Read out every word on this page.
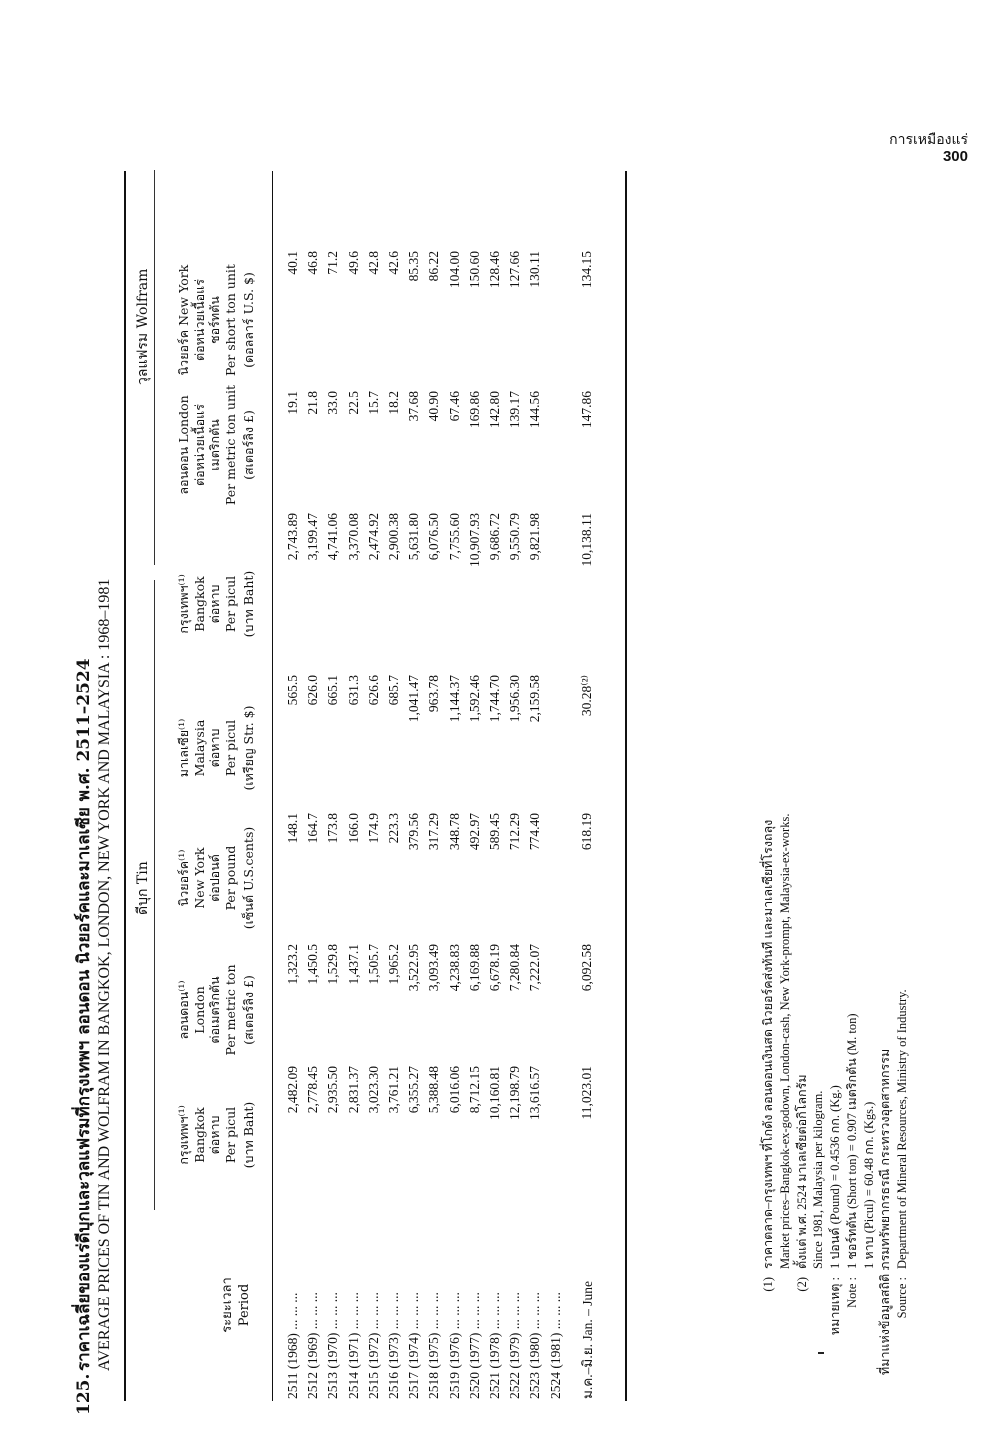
การเหมืองแร่
300
125.ราคาเฉลี่ยของแร่ดีบุกและวุลแฟรมที่กรุงเทพฯ ลอนดอน นิวยอร์คและมาเลเซีย พ.ศ. 2511–2524 AVERAGE PRICES OF TIN AND WOLFRAM IN BANGKOK, LONDON, NEW YORK AND MALAYSIA : 1968–1981 ดีบุก Tin
วุลแฟรม Wolfram
ระยะเวลา Period
กรุงเทพฯ⁽¹⁾ Bangkok ต่อหาบ Per picul (บาท Baht)
ลอนดอน⁽¹⁾ London ต่อเมตริกตัน Per metric ton (สเตอร์ลิง £)
นิวยอร์ค⁽¹⁾ New York ต่อปอนด์ Per pound (เซ็นต์ U.S.cents)
มาเลเซีย⁽¹⁾ Malaysia ต่อหาบ Per picul (เหรียญ Str. $)
กรุงเทพฯ⁽¹⁾ Bangkok ต่อหาบ Per picul (บาท Baht)
ลอนดอน London ต่อหน่วยเนื้อแร่ เมตริกตัน Per metric ton unit (สเตอร์ลิง £)
นิวยอร์ค New York ต่อหน่วยเนื้อแร่ ชอร์ทตัน Per short ton unit (ดอลลาร์ U.S. $)
2511 (1968) ... ... ...	2,482.09	1,323.2	148.1	565.5	2,743.89	19.1	40.1
2512 (1969) ... ... ...	2,778.45	1,450.5	164.7	626.0	3,199.47	21.8	46.8
2513 (1970) ... ... ...	2,935.50	1,529.8	173.8	665.1	4,741.06	33.0	71.2
2514 (1971) ... ... ...	2,831.37	1,437.1	166.0	631.3	3,370.08	22.5	49.6
2515 (1972) ... ... ...	3,023.30	1,505.7	174.9	626.6	2,474.92	15.7	42.8
2516 (1973) ... ... ...	3,761.21	1,965.2	223.3	685.7	2,900.38	18.2	42.6
2517 (1974) ... ... ...	6,355.27	3,522.95	379.56	1,041.47	5,631.80	37.68	85.35
2518 (1975) ... ... ...	5,388.48	3,093.49	317.29	963.78	6,076.50	40.90	86.22
2519 (1976) ... ... ...	6,016.06	4,238.83	348.78	1,144.37	7,755.60	67.46	104.00
2520 (1977) ... ... ...	8,712.15	6,169.88	492.97	1,592.46	10,907.93	169.86	150.60
2521 (1978) ... ... ...	10,160.81	6,678.19	589.45	1,744.70	9,686.72	142.80	128.46
2522 (1979) ... ... ...	12,198.79	7,280.84	712.29	1,956.30	9,550.79	139.17	127.66
2523 (1980) ... ... ...	13,616.57	7,222.07	774.40	2,159.58	9,821.98	144.56	130.11
2524 (1981) ... ... ...							
ม.ค.–มิ.ย. Jan. – June	11,023.01	6,092.58	618.19	30.28⁽²⁾	10,138.11	147.86	134.15
(1)ราคาตลาด–กรุงเทพฯ ที่โกดัง ลอนดอนเงินสด นิวยอร์คส่งทันที และมาเลเซียที่โรงถลุง Market prices–Bangkok-ex-godown, London-cash, New York-prompt, Malaysia-ex-works.
(2)ตั้งแต่ พ.ศ. 2524 มาเลเซียต่อกิโลกรัม Since 1981, Malaysia per kilogram.
หมายเหตุ :1 ปอนด์ (Pound) = 0.4536 กก. (Kg.)
Note :1 ชอร์ทตัน (Short ton) = 0.907 เมตริกตัน (M. ton) 1 หาบ (Picul) = 60.48 กก. (Kgs.)
ที่มาแห่งข้อมูลสถิติ :กรมทรัพยากรธรณี กระทรวงอุตสาหกรรม
Source :Department of Mineral Resources, Ministry of Industry.
